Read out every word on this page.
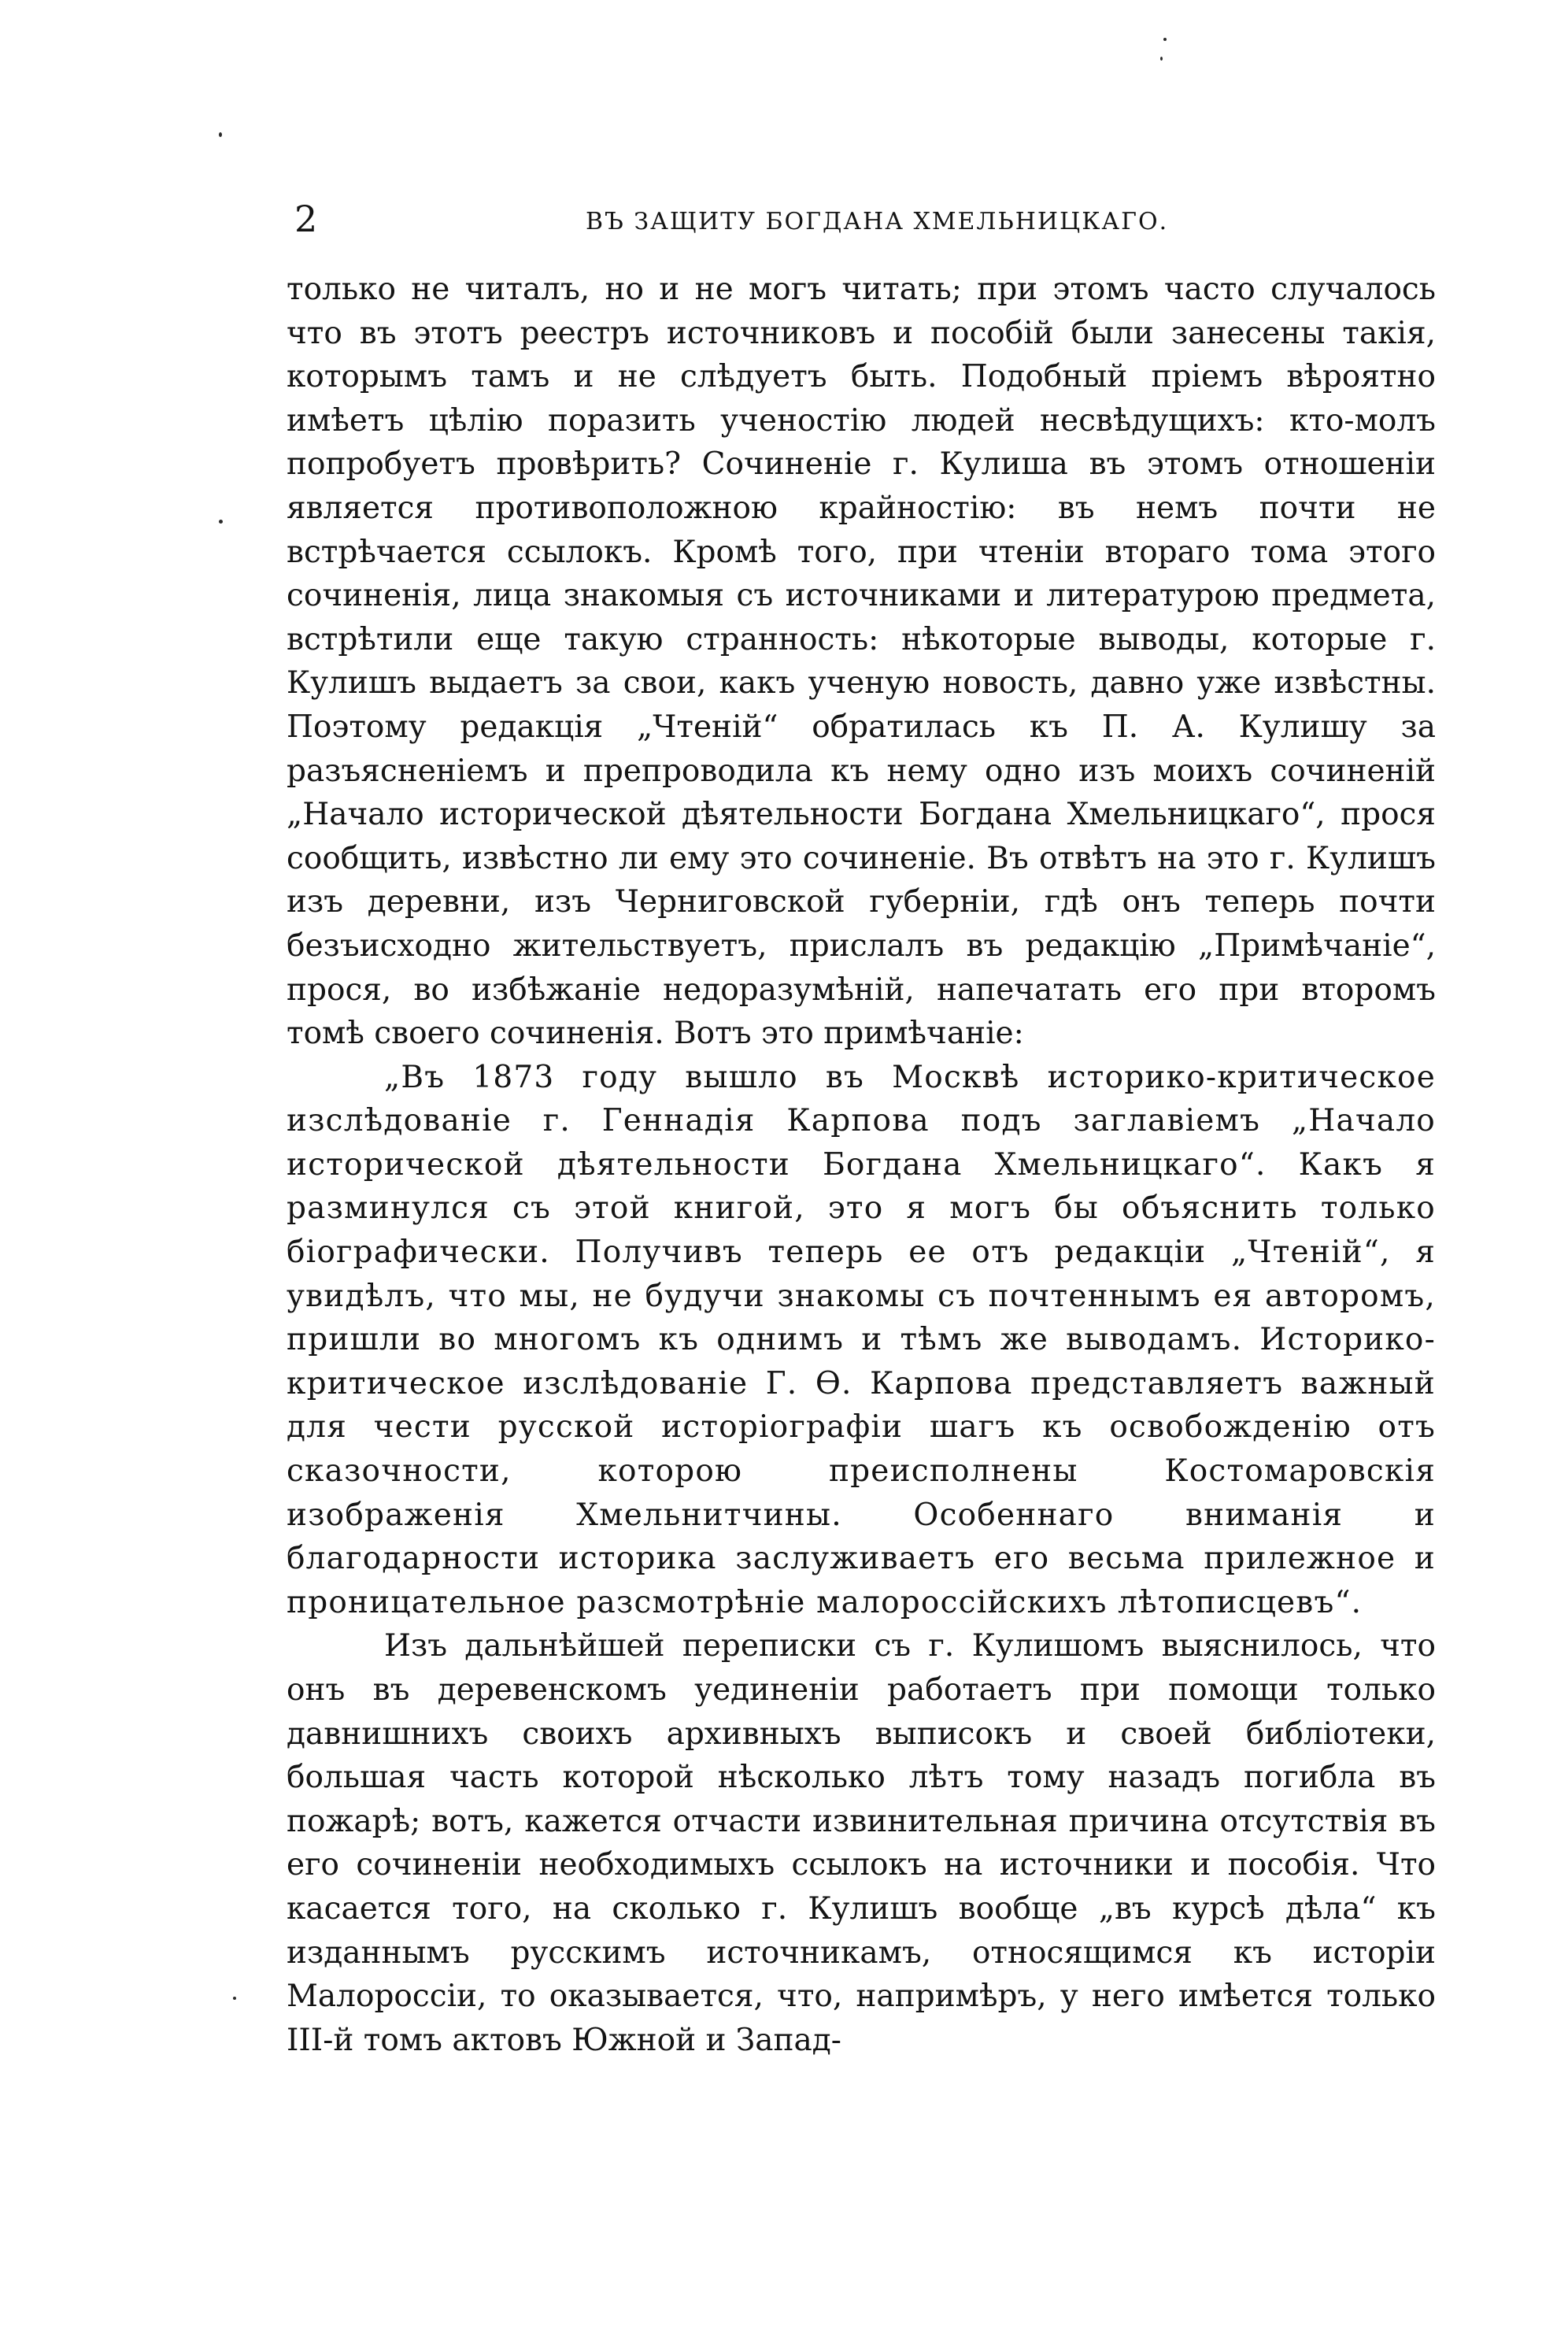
2	ВЪ ЗАЩИТУ БОГДАНА ХМЕЛЬНИЦКАГО.

только не читалъ, но и не могъ читать; при этомъ часто случалось что въ этотъ реестръ источниковъ и пособій были занесены такія, которымъ тамъ и не слѣдуетъ быть. Подобный пріемъ вѣроятно имѣетъ цѣлію поразить ученостію людей несвѣдущихъ: кто-молъ попробуетъ провѣрить? Сочиненіе г. Кулиша въ этомъ отношеніи является противоположною крайностію: въ немъ почти не встрѣчается ссылокъ. Кромѣ того, при чтеніи втораго тома этого сочиненія, лица знакомыя съ источниками и литературою предмета, встрѣтили еще такую странность: нѣкоторые выводы, которые г. Кулишъ выдаетъ за свои, какъ ученую новость, давно уже извѣстны. Поэтому редакція „Чтеній“ обратилась къ П. А. Кулишу за разъясненіемъ и препроводила къ нему одно изъ моихъ сочиненій „Начало исторической дѣятельности Богдана Хмельницкаго“, прося сообщить, извѣстно ли ему это сочиненіе. Въ отвѣтъ на это г. Кулишъ изъ деревни, изъ Черниговской губерніи, гдѣ онъ теперь почти безъисходно жительствуетъ, прислалъ въ редакцію „Примѣчаніе“, прося, во избѣжаніе недоразумѣній, напечатать его при второмъ томѣ своего сочиненія. Вотъ это примѣчаніе:

„Въ 1873 году вышло въ Москвѣ историко-критическое изслѣдованіе г. Геннадія Карпова подъ заглавіемъ „Начало исторической дѣятельности Богдана Хмельницкаго“. Какъ я разминулся съ этой книгой, это я могъ бы объяснить только біографически. Получивъ теперь ее отъ редакціи „Чтеній“, я увидѣлъ, что мы, не будучи знакомы съ почтеннымъ ея авторомъ, пришли во многомъ къ однимъ и тѣмъ же выводамъ. Историко-критическое изслѣдованіе Г. Ѳ. Карпова представляетъ важный для чести русской исторіографіи шагъ къ освобожденію отъ сказочности, которою преисполнены Костомаровскія изображенія Хмельнитчины. Особеннаго вниманія и благодарности историка заслуживаетъ его весьма прилежное и проницательное разсмотрѣніе малороссійскихъ лѣтописцевъ“.

Изъ дальнѣйшей переписки съ г. Кулишомъ выяснилось, что онъ въ деревенскомъ уединеніи работаетъ при помощи только давнишнихъ своихъ архивныхъ выписокъ и своей библіотеки, большая часть которой нѣсколько лѣтъ тому назадъ погибла въ пожарѣ; вотъ, кажется отчасти извинительная причина отсутствія въ его сочиненіи необходимыхъ ссылокъ на источники и пособія. Что касается того, на сколько г. Кулишъ вообще „въ курсѣ дѣла“ къ изданнымъ русскимъ источникамъ, относящимся къ исторіи Малороссіи, то оказывается, что, напримѣръ, у него имѣется только III-й томъ актовъ Южной и Запад-
